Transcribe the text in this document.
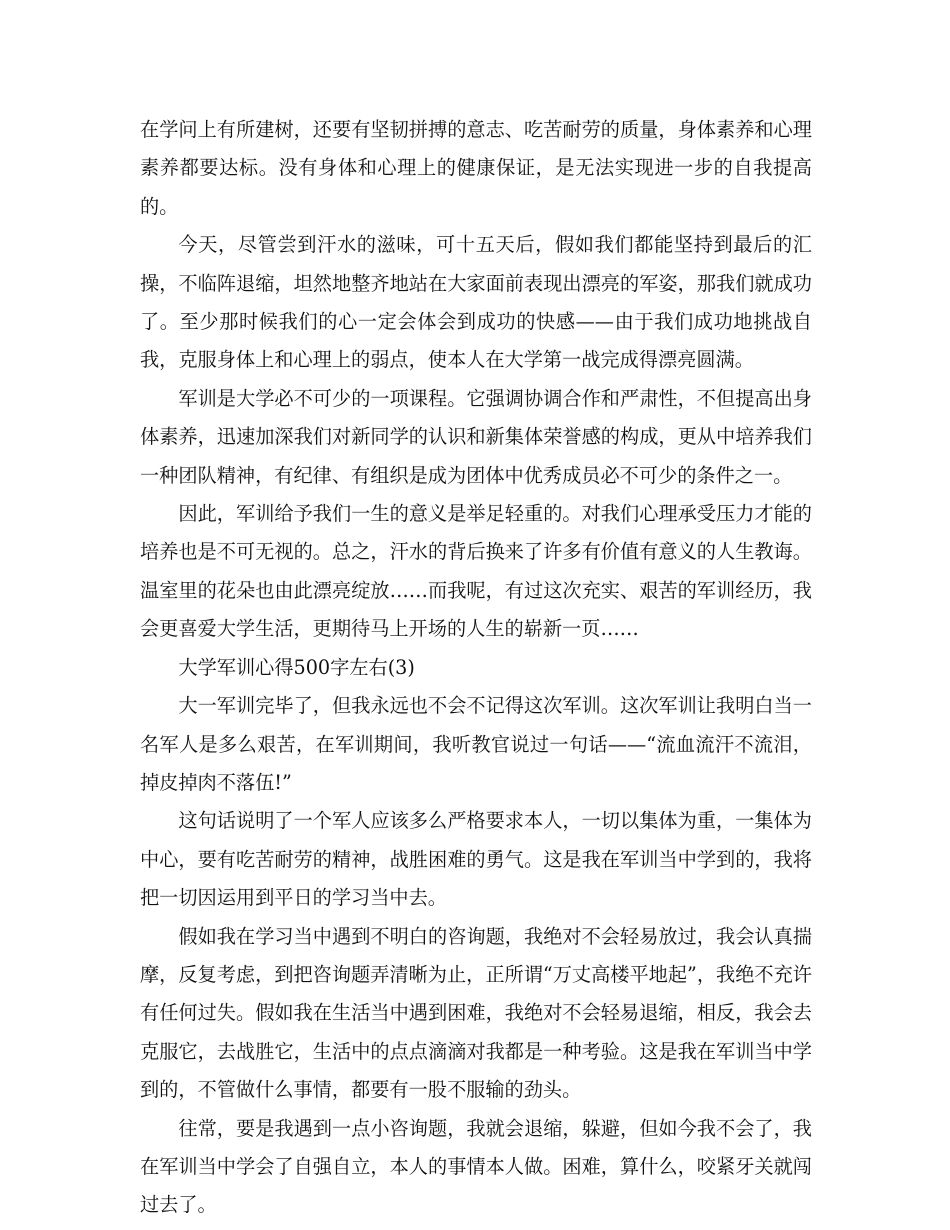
在学问上有所建树，还要有坚韧拼搏的意志、吃苦耐劳的质量，身体素养和心理素养都要达标。没有身体和心理上的健康保证，是无法实现进一步的自我提高的。

今天，尽管尝到汗水的滋味，可十五天后，假如我们都能坚持到最后的汇操，不临阵退缩，坦然地整齐地站在大家面前表现出漂亮的军姿，那我们就成功了。至少那时候我们的心一定会体会到成功的快感——由于我们成功地挑战自我，克服身体上和心理上的弱点，使本人在大学第一战完成得漂亮圆满。

军训是大学必不可少的一项课程。它强调协调合作和严肃性，不但提高出身体素养，迅速加深我们对新同学的认识和新集体荣誉感的构成，更从中培养我们一种团队精神，有纪律、有组织是成为团体中优秀成员必不可少的条件之一。

因此，军训给予我们一生的意义是举足轻重的。对我们心理承受压力才能的培养也是不可无视的。总之，汗水的背后换来了许多有价值有意义的人生教诲。温室里的花朵也由此漂亮绽放……而我呢，有过这次充实、艰苦的军训经历，我会更喜爱大学生活，更期待马上开场的人生的崭新一页……

大学军训心得500字左右(3)

大一军训完毕了，但我永远也不会不记得这次军训。这次军训让我明白当一名军人是多么艰苦，在军训期间，我听教官说过一句话——“流血流汗不流泪，掉皮掉肉不落伍!”

这句话说明了一个军人应该多么严格要求本人，一切以集体为重，一集体为中心，要有吃苦耐劳的精神，战胜困难的勇气。这是我在军训当中学到的，我将把一切因运用到平日的学习当中去。

假如我在学习当中遇到不明白的咨询题，我绝对不会轻易放过，我会认真揣摩，反复考虑，到把咨询题弄清晰为止，正所谓“万丈高楼平地起”，我绝不充许有任何过失。假如我在生活当中遇到困难，我绝对不会轻易退缩，相反，我会去克服它，去战胜它，生活中的点点滴滴对我都是一种考验。这是我在军训当中学到的，不管做什么事情，都要有一股不服输的劲头。

往常，要是我遇到一点小咨询题，我就会退缩，躲避，但如今我不会了，我在军训当中学会了自强自立，本人的事情本人做。困难，算什么，咬紧牙关就闯过去了。
